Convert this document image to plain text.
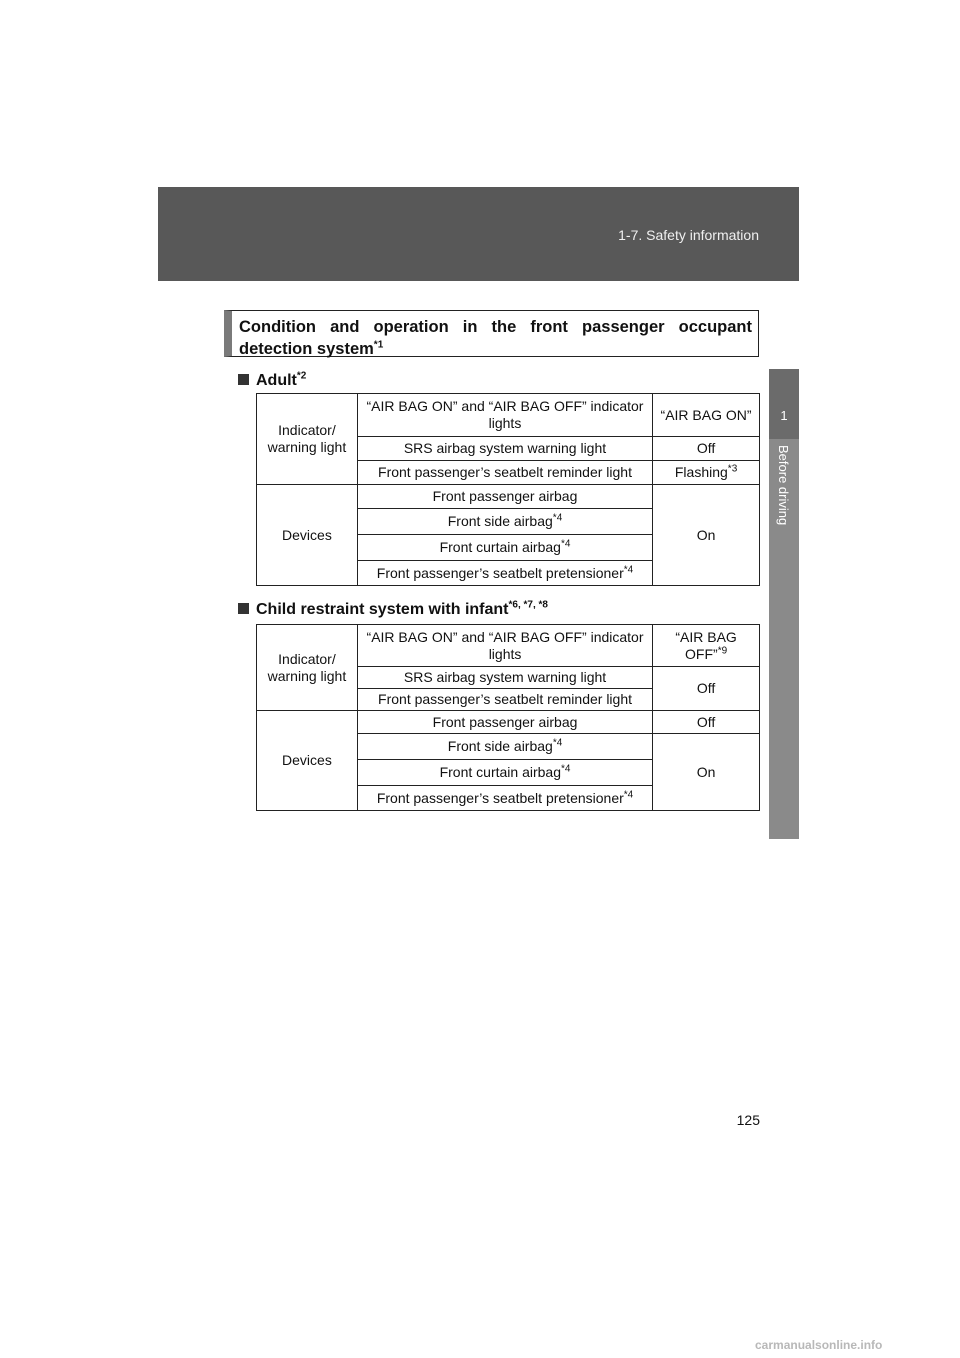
1-7. Safety information
1
Before driving
Condition and operation in the front passenger occupant
detection system$^{*1}$
Adult$^{*2}$
Indicator/ warning light	“AIR BAG ON” and “AIR BAG OFF” indicator lights	“AIR BAG ON”
	SRS airbag system warning light	Off
	Front passenger’s seatbelt reminder light	Flashing$^{*3}$
Devices	Front passenger airbag	On
	Front side airbag$^{*4}$
	Front curtain airbag$^{*4}$
	Front passenger’s seatbelt pretensioner$^{*4}$
Child restraint system with infant$^{*6, *7, *8}$
Indicator/ warning light	“AIR BAG ON” and “AIR BAG OFF” indicator lights	“AIR BAG OFF”$^{*9}$
	SRS airbag system warning light	Off
	Front passenger’s seatbelt reminder light	
Devices	Front passenger airbag	Off
	Front side airbag$^{*4}$	On
	Front curtain airbag$^{*4}$
	Front passenger’s seatbelt pretensioner$^{*4}$
125
carmanualsonline.info
